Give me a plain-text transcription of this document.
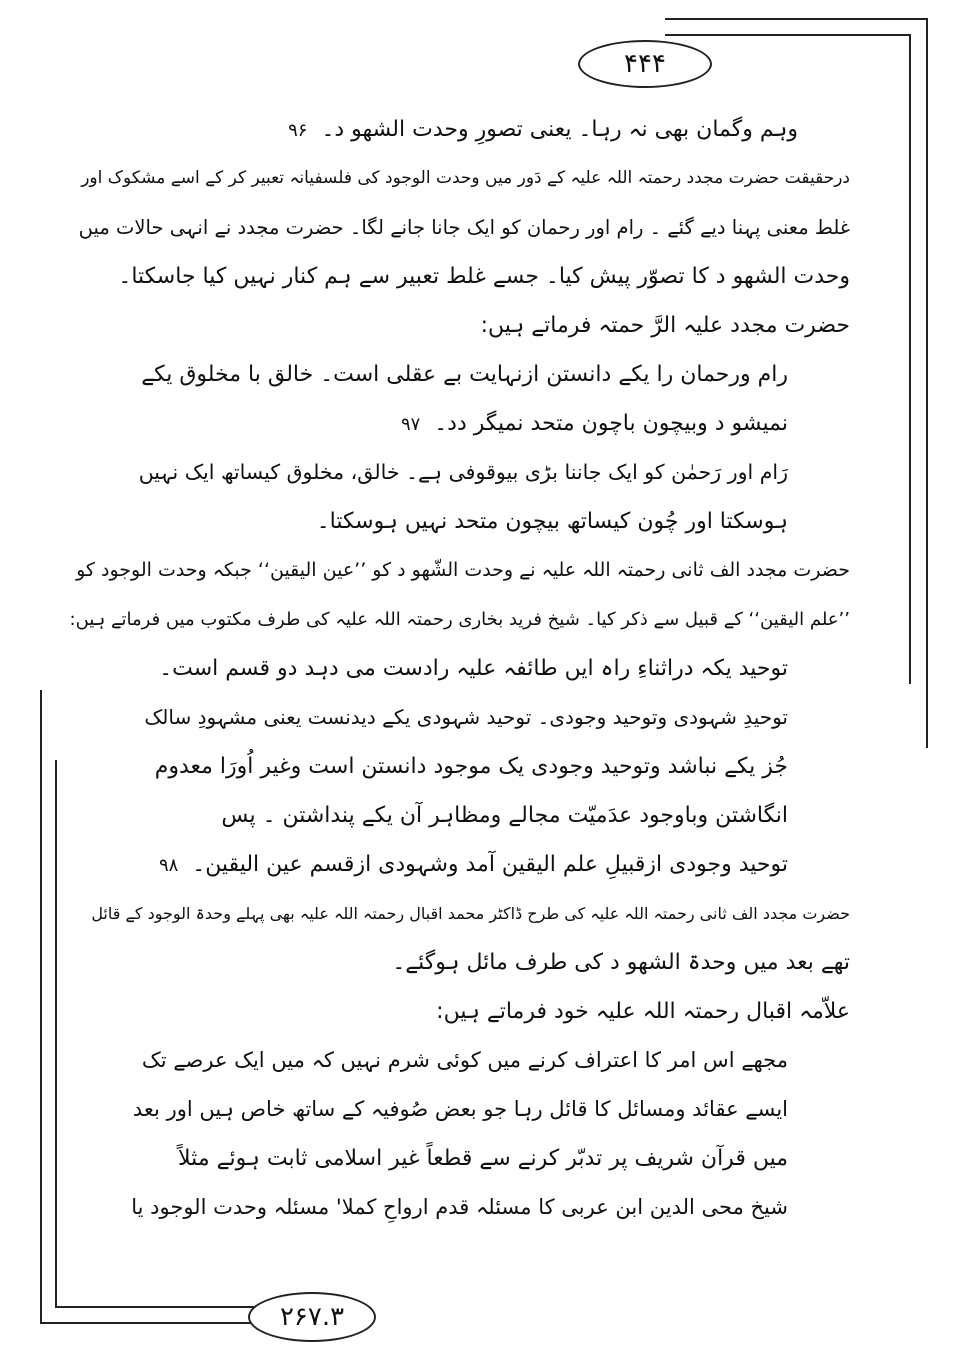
۴۴۴
۲۶۷.۳
وہم وگمان بھی نہ رہا۔ یعنی تصورِ وحدت الشھو د۔۹۶
درحقیقت حضرت مجدد رحمتہ اللہ علیہ کے دَور میں وحدت الوجود کی فلسفیانہ تعبیر کر کے اسے مشکوک اور
غلط معنی پہنا دیے گئے ۔ رام اور رحمان کو ایک جانا جانے لگا۔ حضرت مجدد نے انہی حالات میں
وحدت الشھو د کا تصوّر پیش کیا۔ جسے غلط تعبیر سے ہم کنار نہیں کیا جاسکتا۔
حضرت مجدد علیہ الرَّ حمتہ فرماتے ہیں:
رام ورحمان را یکے دانستن ازنہایت بے عقلی است۔ خالق با مخلوق یکے
نمیشو د وبیچون باچون متحد نمیگر دد۔۹۷
رَام اور رَحمٰن کو ایک جاننا بڑی بیوقوفی ہے۔ خالق، مخلوق کیساتھ ایک نہیں
ہوسکتا اور چُون کیساتھ بیچون متحد نہیں ہوسکتا۔
حضرت مجدد الف ثانی رحمتہ اللہ علیہ نے وحدت الشّھو د کو ’’عین الیقین‘‘ جبکہ وحدت الوجود کو
’’علم الیقین‘‘ کے قبیل سے ذکر کیا۔ شیخ فرید بخاری رحمتہ اللہ علیہ کی طرف مکتوب میں فرماتے ہیں:
توحید یکہ دراثناءِ راہ ایں طائفہ علیہ رادست می دہد دو قسم است۔
توحیدِ شہودی وتوحید وجودی۔ توحید شہودی یکے دیدنست یعنی مشہودِ سالک
جُز یکے نباشد وتوحید وجودی یک موجود دانستن است وغیر اُورَا معدوم
انگاشتن وباوجود عدَمیّت مجالے ومظاہر آن یکے پنداشتن ۔ پس
توحید وجودی ازقبیلِ علم الیقین آمد وشہودی ازقسم عین الیقین۔۹۸
حضرت مجدد الف ثانی رحمتہ اللہ علیہ کی طرح ڈاکٹر محمد اقبال رحمتہ اللہ علیہ بھی پہلے وحدۃ الوجود کے قائل
تھے بعد میں وحدۃ الشھو د کی طرف مائل ہوگئے۔
علاّمہ اقبال رحمتہ اللہ علیہ خود فرماتے ہیں:
مجھے اس امر کا اعتراف کرنے میں کوئی شرم نہیں کہ میں ایک عرصے تک
ایسے عقائد ومسائل کا قائل رہا جو بعض صُوفیہ کے ساتھ خاص ہیں اور بعد
میں قرآن شریف پر تدبّر کرنے سے قطعاً غیر اسلامی ثابت ہوئے مثلاً
شیخ محی الدین ابن عربی کا مسئلہ قدم ارواحِ کملا' مسئلہ وحدت الوجود یا
